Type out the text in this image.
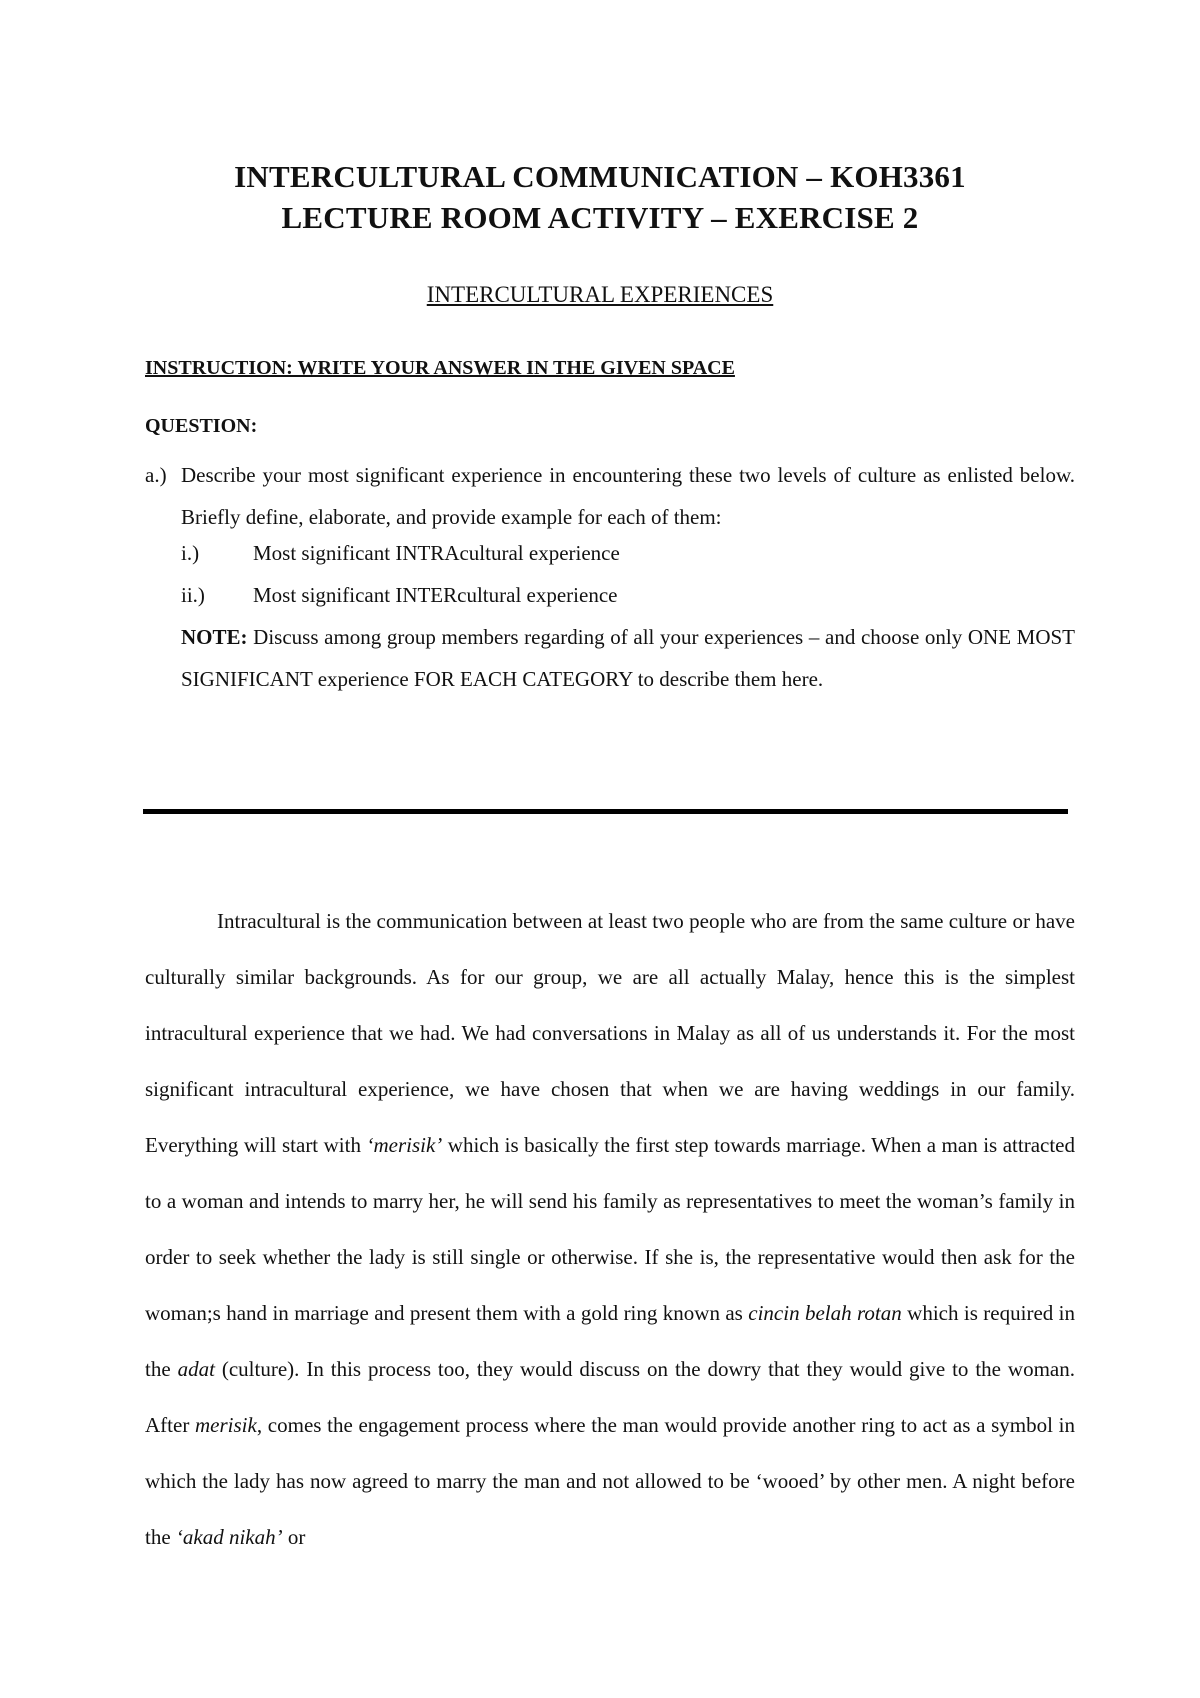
INTERCULTURAL COMMUNICATION – KOH3361
LECTURE ROOM ACTIVITY – EXERCISE 2
INTERCULTURAL EXPERIENCES
INSTRUCTION: WRITE YOUR ANSWER IN THE GIVEN SPACE
QUESTION:
a.) Describe your most significant experience in encountering these two levels of culture as enlisted below. Briefly define, elaborate, and provide example for each of them:
i.)	Most significant INTRAcultural experience
ii.) Most significant INTERcultural experience
NOTE: Discuss among group members regarding of all your experiences – and choose only ONE MOST SIGNIFICANT experience FOR EACH CATEGORY to describe them here.

Intracultural is the communication between at least two people who are from the same culture or have culturally similar backgrounds. As for our group, we are all actually Malay, hence this is the simplest intracultural experience that we had. We had conversations in Malay as all of us understands it. For the most significant intracultural experience, we have chosen that when we are having weddings in our family. Everything will start with ‘merisik’ which is basically the first step towards marriage. When a man is attracted to a woman and intends to marry her, he will send his family as representatives to meet the woman’s family in order to seek whether the lady is still single or otherwise. If she is, the representative would then ask for the woman;s hand in marriage and present them with a gold ring known as cincin belah rotan which is required in the adat (culture). In this process too, they would discuss on the dowry that they would give to the woman. After merisik, comes the engagement process where the man would provide another ring to act as a symbol in which the lady has now agreed to marry the man and not allowed to be ‘wooed’ by other men. A night before the ‘akad nikah’ or
